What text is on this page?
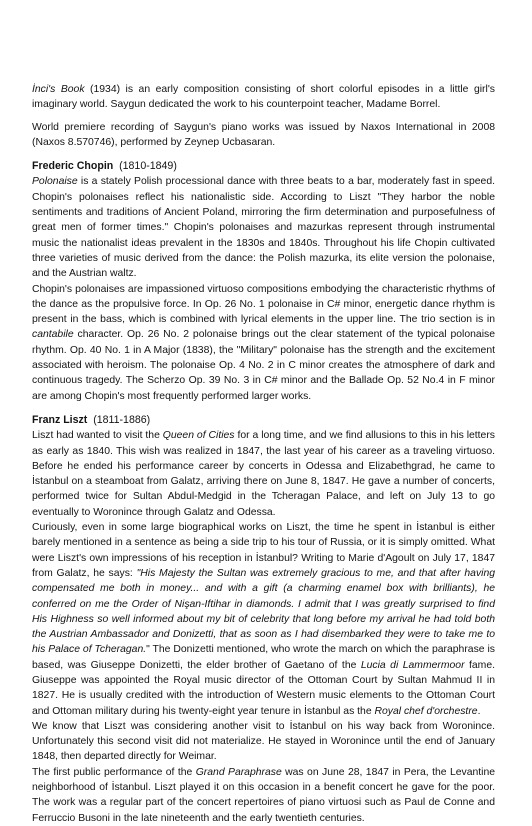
İnci's Book (1934) is an early composition consisting of short colorful episodes in a little girl's imaginary world. Saygun dedicated the work to his counterpoint teacher, Madame Borrel.

World premiere recording of Saygun's piano works was issued by Naxos International in 2008 (Naxos 8.570746), performed by Zeynep Ucbasaran.

Frederic Chopin (1810-1849)

Polonaise is a stately Polish processional dance with three beats to a bar, moderately fast in speed. Chopin's polonaises reflect his nationalistic side. According to Liszt "They harbor the noble sentiments and traditions of Ancient Poland, mirroring the firm determination and purposefulness of great men of former times." Chopin's polonaises and mazurkas represent through instrumental music the nationalist ideas prevalent in the 1830s and 1840s. Throughout his life Chopin cultivated three varieties of music derived from the dance: the Polish mazurka, its elite version the polonaise, and the Austrian waltz.

Chopin's polonaises are impassioned virtuoso compositions embodying the characteristic rhythms of the dance as the propulsive force. In Op. 26 No. 1 polonaise in C# minor, energetic dance rhythm is present in the bass, which is combined with lyrical elements in the upper line. The trio section is in cantabile character. Op. 26 No. 2 polonaise brings out the clear statement of the typical polonaise rhythm. Op. 40 No. 1 in A Major (1838), the "Military" polonaise has the strength and the excitement associated with heroism. The polonaise Op. 4 No. 2 in C minor creates the atmosphere of dark and continuous tragedy. The Scherzo Op. 39 No. 3 in C# minor and the Ballade Op. 52 No.4 in F minor are among Chopin's most frequently performed larger works.

Franz Liszt (1811-1886)

Liszt had wanted to visit the Queen of Cities for a long time, and we find allusions to this in his letters as early as 1840. This wish was realized in 1847, the last year of his career as a traveling virtuoso. Before he ended his performance career by concerts in Odessa and Elizabethgrad, he came to İstanbul on a steamboat from Galatz, arriving there on June 8, 1847. He gave a number of concerts, performed twice for Sultan Abdul-Medgid in the Tcheragan Palace, and left on July 13 to go eventually to Woronince through Galatz and Odessa.

Curiously, even in some large biographical works on Liszt, the time he spent in İstanbul is either barely mentioned in a sentence as being a side trip to his tour of Russia, or it is simply omitted. What were Liszt's own impressions of his reception in İstanbul? Writing to Marie d'Agoult on July 17, 1847 from Galatz, he says: "His Majesty the Sultan was extremely gracious to me, and that after having compensated me both in money... and with a gift (a charming enamel box with brilliants), he conferred on me the Order of Nişan-Iftihar in diamonds. I admit that I was greatly surprised to find His Highness so well informed about my bit of celebrity that long before my arrival he had told both the Austrian Ambassador and Donizetti, that as soon as I had disembarked they were to take me to his Palace of Tcheragan." The Donizetti mentioned, who wrote the march on which the paraphrase is based, was Giuseppe Donizetti, the elder brother of Gaetano of the Lucia di Lammermoor fame. Giuseppe was appointed the Royal music director of the Ottoman Court by Sultan Mahmud II in 1827. He is usually credited with the introduction of Western music elements to the Ottoman Court and Ottoman military during his twenty-eight year tenure in İstanbul as the Royal chef d'orchestre.

We know that Liszt was considering another visit to İstanbul on his way back from Woronince. Unfortunately this second visit did not materialize. He stayed in Woronince until the end of January 1848, then departed directly for Weimar.

The first public performance of the Grand Paraphrase was on June 28, 1847 in Pera, the Levantine neighborhood of İstanbul. Liszt played it on this occasion in a benefit concert he gave for the poor. The work was a regular part of the concert repertoires of piano virtuosi such as Paul de Conne and Ferruccio Busoni in the late nineteenth and the early twentieth centuries.
